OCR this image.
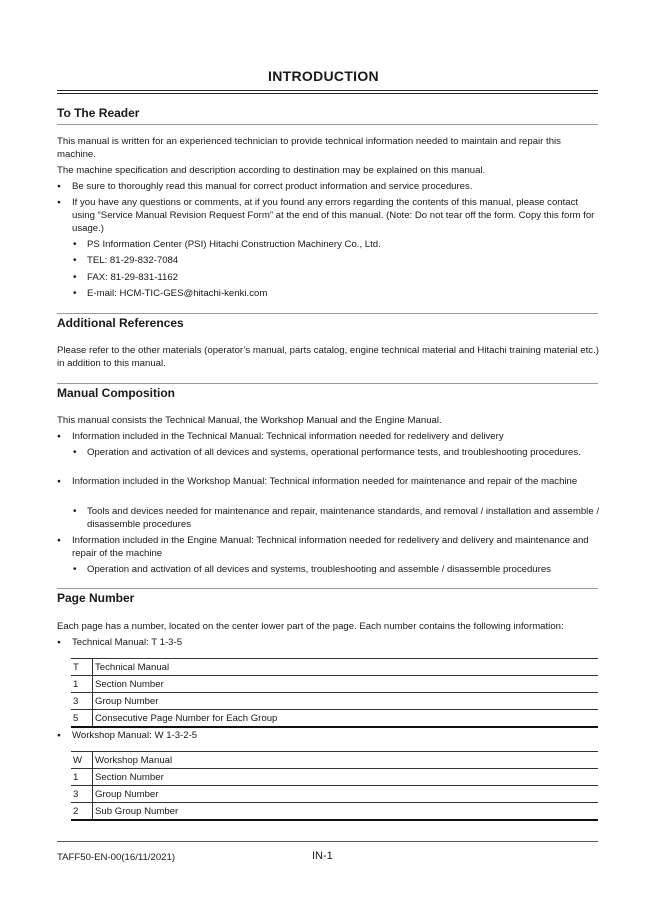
INTRODUCTION
To The Reader
This manual is written for an experienced technician to provide technical information needed to maintain and repair this machine.
The machine specification and description according to destination may be explained on this manual.
● Be sure to thoroughly read this manual for correct product information and service procedures.
● If you have any questions or comments, at if you found any errors regarding the contents of this manual, please contact using “Service Manual Revision Request Form” at the end of this manual. (Note: Do not tear off the form. Copy this form for usage.)
• PS Information Center (PSI) Hitachi Construction Machinery Co., Ltd.
• TEL: 81-29-832-7084
• FAX: 81-29-831-1162
• E-mail: HCM-TIC-GES@hitachi-kenki.com
Additional References
Please refer to the other materials (operator’s manual, parts catalog, engine technical material and Hitachi training material etc.) in addition to this manual.
Manual Composition
This manual consists the Technical Manual, the Workshop Manual and the Engine Manual.
● Information included in the Technical Manual: Technical information needed for redelivery and delivery
• Operation and activation of all devices and systems, operational performance tests, and troubleshooting procedures.
● Information included in the Workshop Manual: Technical information needed for maintenance and repair of the machine
• Tools and devices needed for maintenance and repair, maintenance standards, and removal / installation and assemble / disassemble procedures
● Information included in the Engine Manual: Technical information needed for redelivery and delivery and maintenance and repair of the machine
• Operation and activation of all devices and systems, troubleshooting and assemble / disassemble procedures
Page Number
Each page has a number, located on the center lower part of the page. Each number contains the following information:
● Technical Manual: T 1-3-5
T	Technical Manual
1	Section Number
3	Group Number
5	Consecutive Page Number for Each Group
● Workshop Manual: W 1-3-2-5
W	Workshop Manual
1	Section Number
3	Group Number
2	Sub Group Number
TAFF50-EN-00(16/11/2021)	IN-1
